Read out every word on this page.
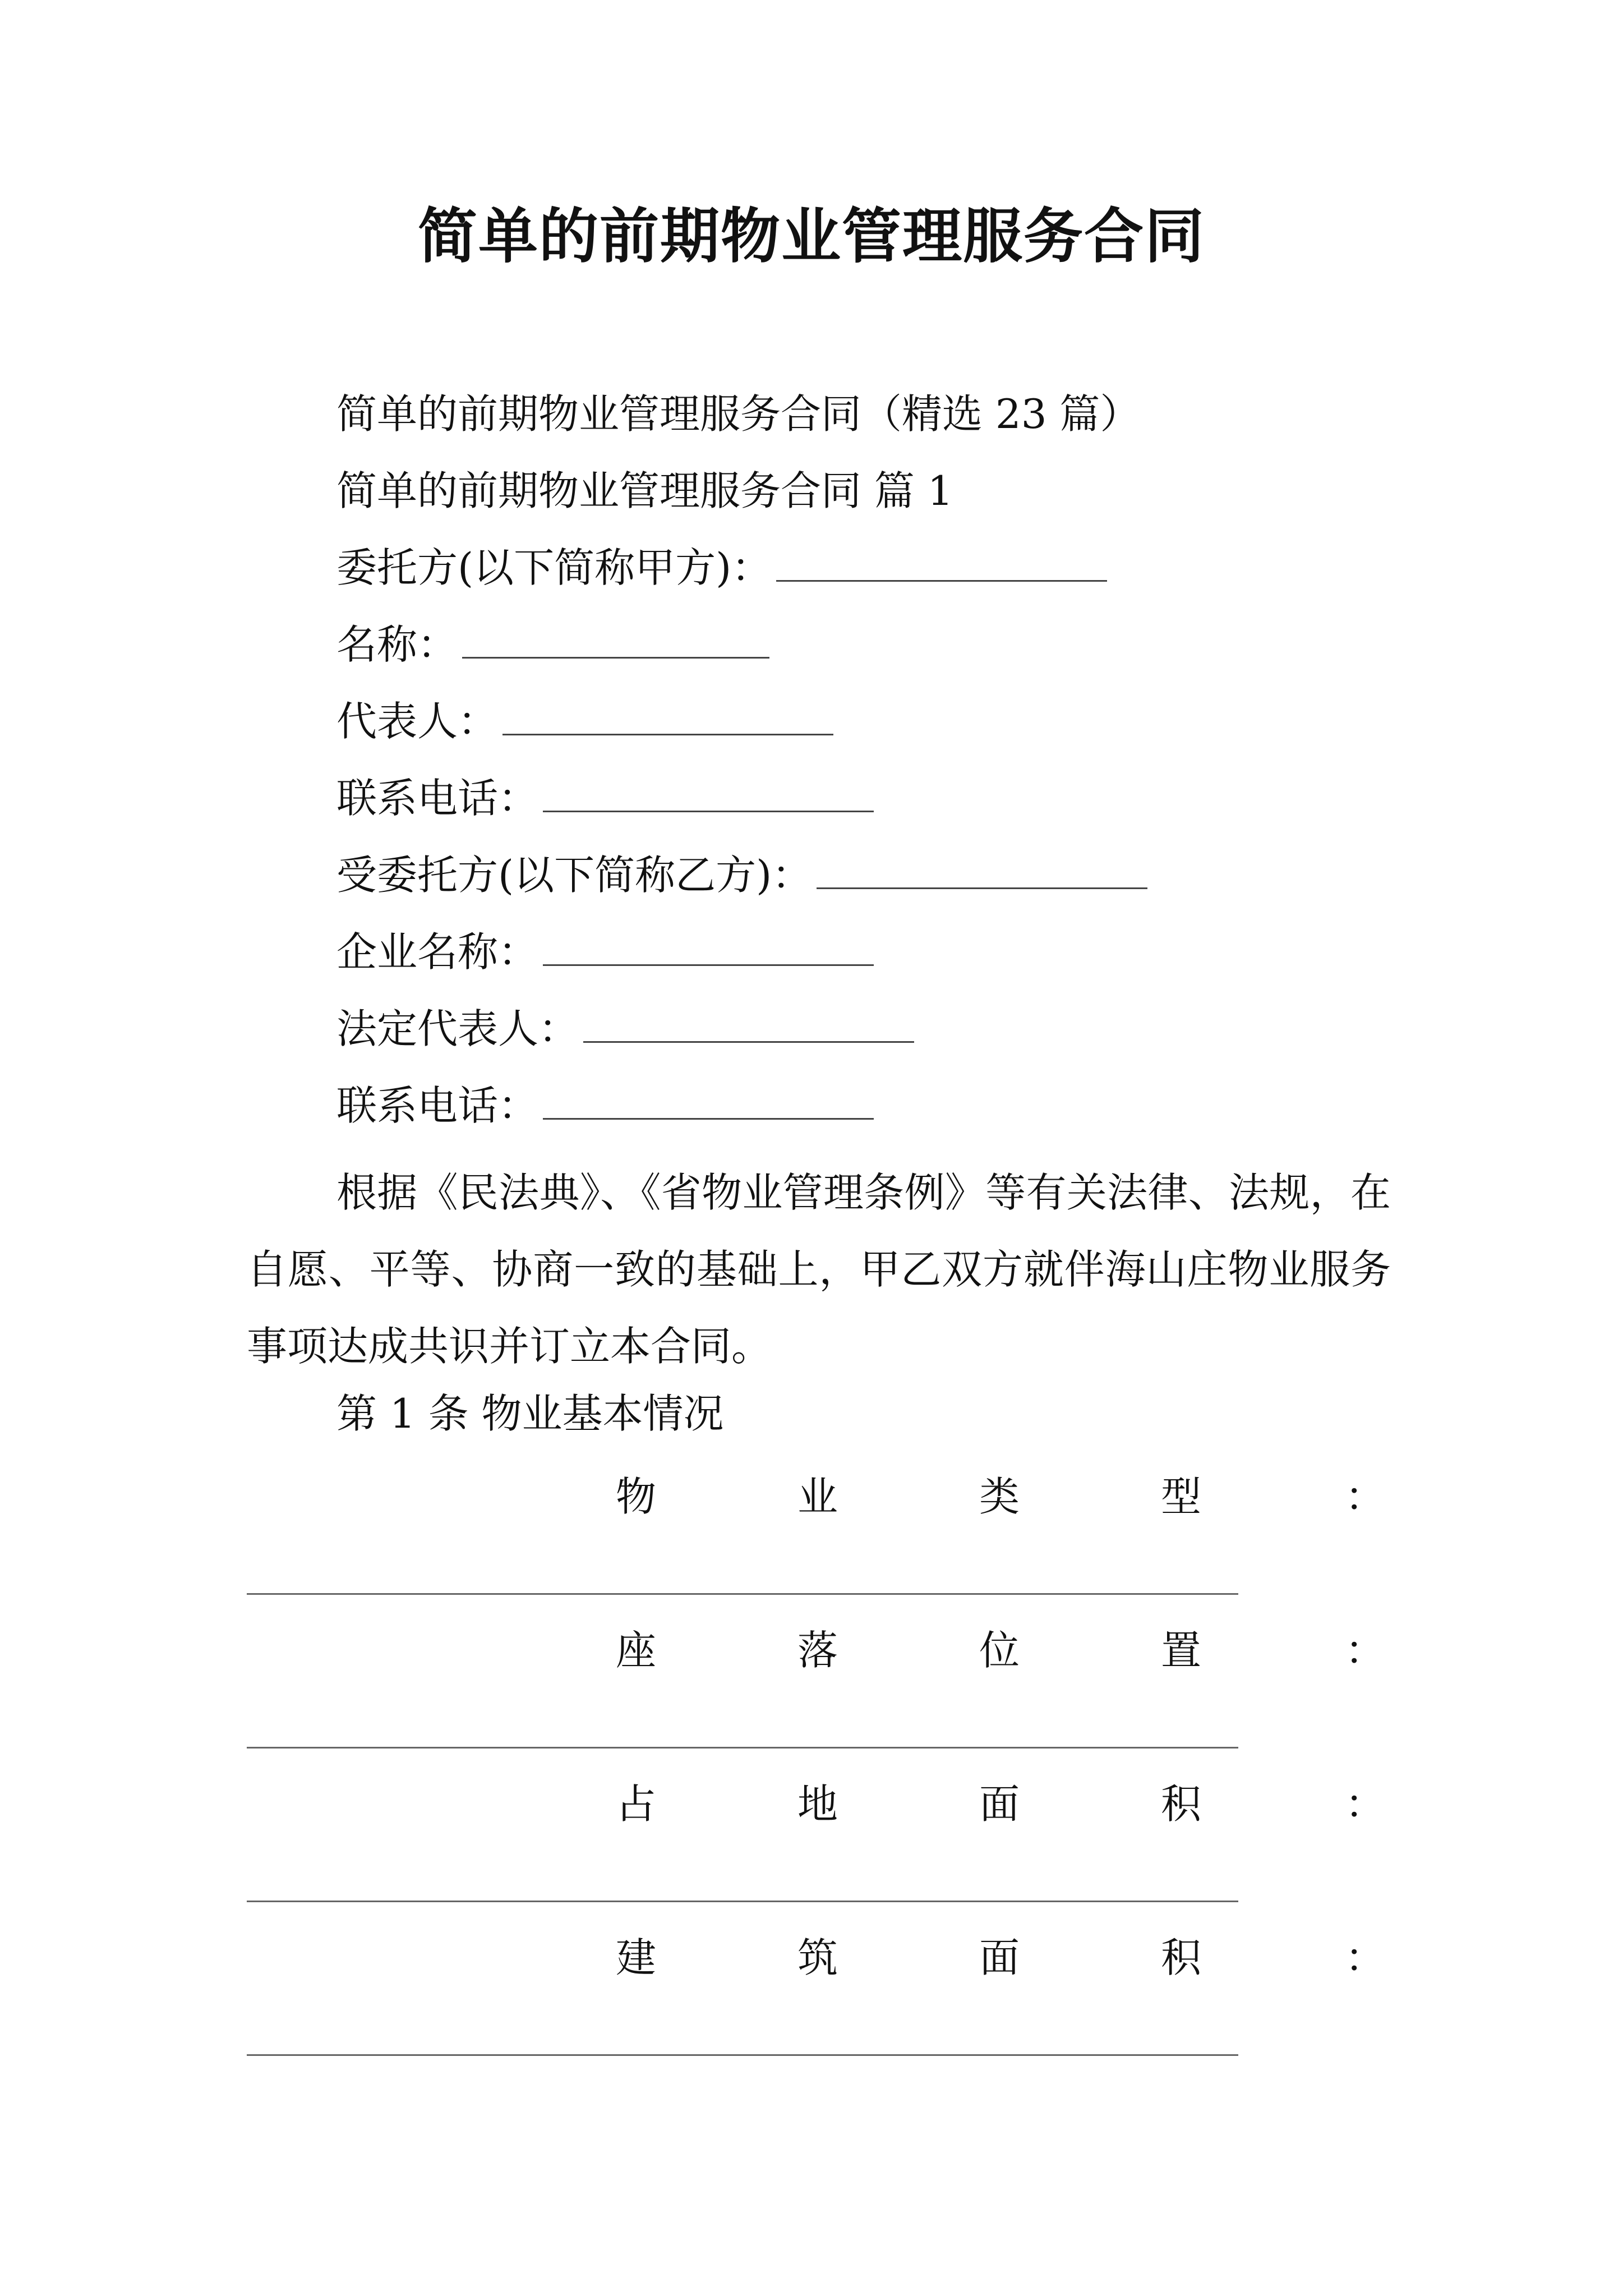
简单的前期物业管理服务合同
简单的前期物业管理服务合同（精选 23 篇）
简单的前期物业管理服务合同 篇 1
委托方(以下简称甲方)：
名称：
代表人：
联系电话：
受委托方(以下简称乙方)：
企业名称：
法定代表人：
联系电话：
根据《民法典》、《省物业管理条例》等有关法律、法规，在自愿、平等、协商一致的基础上，甲乙双方就伴海山庄物业服务事项达成共识并订立本合同。
第 1 条 物业基本情况
物	业	类	型	：
座	落	位	置	：
占	地	面	积	：
建	筑	面	积	：
